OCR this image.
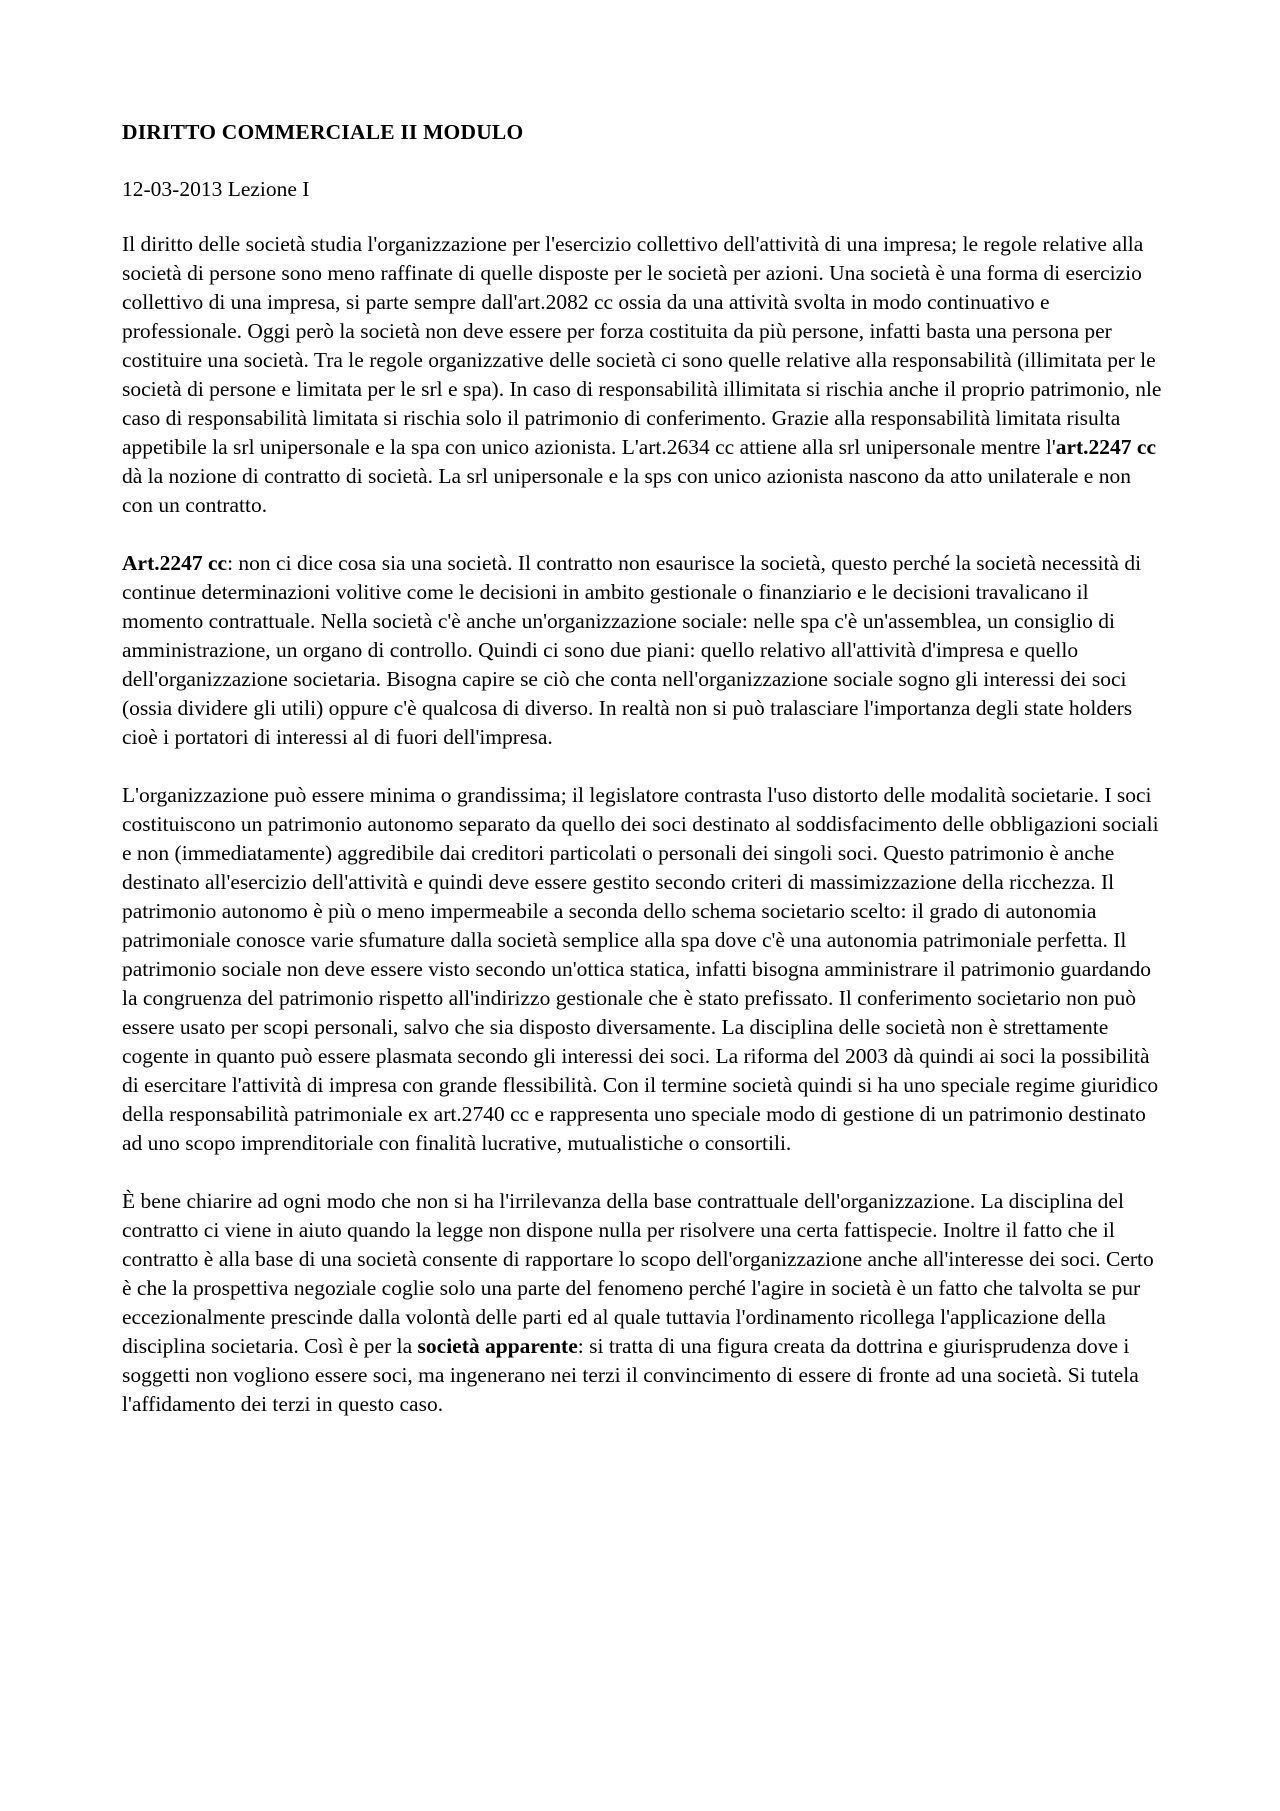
DIRITTO COMMERCIALE II MODULO
12-03-2013 Lezione I

Il diritto delle società studia l'organizzazione per l'esercizio collettivo dell'attività di una impresa; le regole relative alla società di persone sono meno raffinate di quelle disposte per le società per azioni. Una società è una forma di esercizio collettivo di una impresa, si parte sempre dall'art.2082 cc ossia da una attività svolta in modo continuativo e professionale. Oggi però la società non deve essere per forza costituita da più persone, infatti basta una persona per costituire una società. Tra le regole organizzative delle società ci sono quelle relative alla responsabilità (illimitata per le società di persone e limitata per le srl e spa). In caso di responsabilità illimitata si rischia anche il proprio patrimonio, nle caso di responsabilità limitata si rischia solo il patrimonio di conferimento. Grazie alla responsabilità limitata risulta appetibile la srl unipersonale e la spa con unico azionista. L'art.2634 cc attiene alla srl unipersonale mentre l'art.2247 cc dà la nozione di contratto di società. La srl unipersonale e la sps con unico azionista nascono da atto unilaterale e non con un contratto.

Art.2247 cc: non ci dice cosa sia una società. Il contratto non esaurisce la società, questo perché la società necessità di continue determinazioni volitive come le decisioni in ambito gestionale o finanziario e le decisioni travalicano il momento contrattuale. Nella società c'è anche un'organizzazione sociale: nelle spa c'è un'assemblea, un consiglio di amministrazione, un organo di controllo. Quindi ci sono due piani: quello relativo all'attività d'impresa e quello dell'organizzazione societaria. Bisogna capire se ciò che conta nell'organizzazione sociale sogno gli interessi dei soci (ossia dividere gli utili) oppure c'è qualcosa di diverso. In realtà non si può tralasciare l'importanza degli state holders cioè i portatori di interessi al di fuori dell'impresa.

L'organizzazione può essere minima o grandissima; il legislatore contrasta l'uso distorto delle modalità societarie. I soci costituiscono un patrimonio autonomo separato da quello dei soci destinato al soddisfacimento delle obbligazioni sociali e non (immediatamente) aggredibile dai creditori particolati o personali dei singoli soci. Questo patrimonio è anche destinato all'esercizio dell'attività e quindi deve essere gestito secondo criteri di massimizzazione della ricchezza. Il patrimonio autonomo è più o meno impermeabile a seconda dello schema societario scelto: il grado di autonomia patrimoniale conosce varie sfumature dalla società semplice alla spa dove c'è una autonomia patrimoniale perfetta. Il patrimonio sociale non deve essere visto secondo un'ottica statica, infatti bisogna amministrare il patrimonio guardando la congruenza del patrimonio rispetto all'indirizzo gestionale che è stato prefissato. Il conferimento societario non può essere usato per scopi personali, salvo che sia disposto diversamente. La disciplina delle società non è strettamente cogente in quanto può essere plasmata secondo gli interessi dei soci. La riforma del 2003 dà quindi ai soci la possibilità di esercitare l'attività di impresa con grande flessibilità. Con il termine società quindi si ha uno speciale regime giuridico della responsabilità patrimoniale ex art.2740 cc e rappresenta uno speciale modo di gestione di un patrimonio destinato ad uno scopo imprenditoriale con finalità lucrative, mutualistiche o consortili.

È bene chiarire ad ogni modo che non si ha l'irrilevanza della base contrattuale dell'organizzazione. La disciplina del contratto ci viene in aiuto quando la legge non dispone nulla per risolvere una certa fattispecie. Inoltre il fatto che il contratto è alla base di una società consente di rapportare lo scopo dell'organizzazione anche all'interesse dei soci. Certo è che la prospettiva negoziale coglie solo una parte del fenomeno perché l'agire in società è un fatto che talvolta se pur eccezionalmente prescinde dalla volontà delle parti ed al quale tuttavia l'ordinamento ricollega l'applicazione della disciplina societaria. Così è per la società apparente: si tratta di una figura creata da dottrina e giurisprudenza dove i soggetti non vogliono essere soci, ma ingenerano nei terzi il convincimento di essere di fronte ad una società. Si tutela l'affidamento dei terzi in questo caso.
